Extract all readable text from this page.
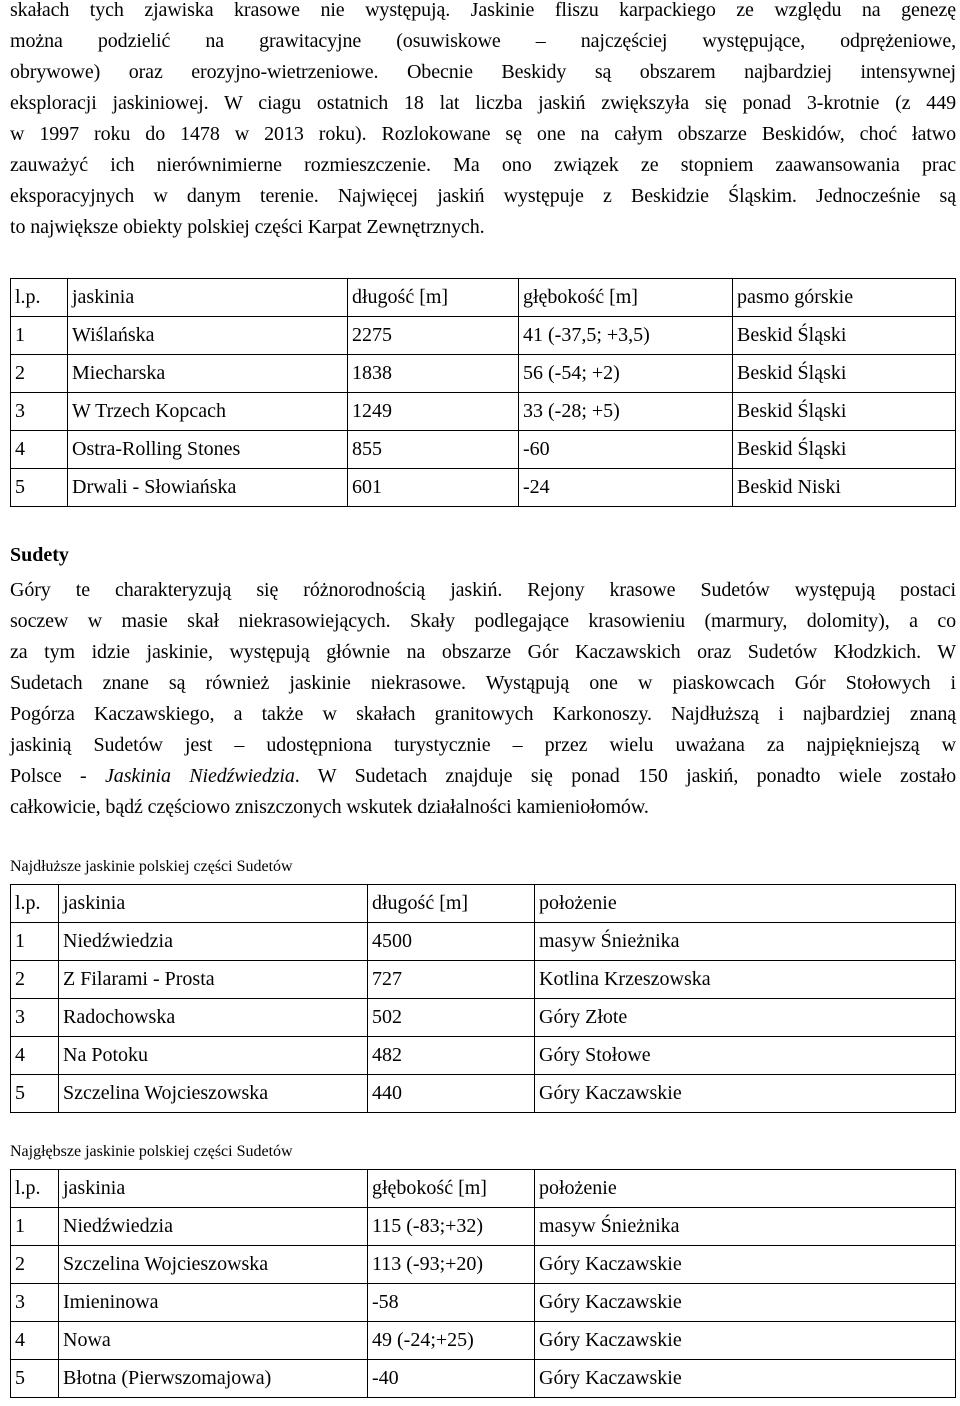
skałach tych zjawiska krasowe nie występują. Jaskinie fliszu karpackiego ze względu na genezę
można podzielić na grawitacyjne (osuwiskowe – najczęściej występujące, odprężeniowe,
obrywowe) oraz erozyjno-wietrzeniowe. Obecnie Beskidy są obszarem najbardziej intensywnej
eksploracji jaskiniowej. W ciagu ostatnich 18 lat liczba jaskiń zwiększyła się ponad 3-krotnie (z 449
w 1997 roku do 1478 w 2013 roku). Rozlokowane sę one na całym obszarze Beskidów, choć łatwo
zauważyć ich nierównimierne rozmieszczenie. Ma ono związek ze stopniem zaawansowania prac
eksporacyjnych w danym terenie. Najwięcej jaskiń występuje z Beskidzie Śląskim. Jednocześnie są
to największe obiekty polskiej części Karpat Zewnętrznych.

l.p.	jaskinia	długość [m]	głębokość [m]	pasmo górskie
1	Wiślańska	2275	41 (-37,5; +3,5)	Beskid Śląski
2	Miecharska	1838	56 (-54; +2)	Beskid Śląski
3	W Trzech Kopcach	1249	33 (-28; +5)	Beskid Śląski
4	Ostra-Rolling Stones	855	-60	Beskid Śląski
5	Drwali - Słowiańska	601	-24	Beskid Niski
Sudety

Góry te charakteryzują się różnorodnością jaskiń. Rejony krasowe Sudetów występują postaci
soczew w masie skał niekrasowiejących. Skały podlegające krasowieniu (marmury, dolomity), a co
za tym idzie jaskinie, występują głównie na obszarze Gór Kaczawskich oraz Sudetów Kłodzkich. W
Sudetach znane są również jaskinie niekrasowe. Wystąpują one w piaskowcach Gór Stołowych i
Pogórza Kaczawskiego, a także w skałach granitowych Karkonoszy. Najdłuższą i najbardziej znaną
jaskinią Sudetów jest – udostępniona turystycznie – przez wielu uważana za najpiękniejszą w
Polsce - Jaskinia Niedźwiedzia. W Sudetach znajduje się ponad 150 jaskiń, ponadto wiele zostało
całkowicie, bądź częściowo zniszczonych wskutek działalności kamieniołomów.

Najdłuższe jaskinie polskiej części Sudetów
l.p.	jaskinia	długość [m]	położenie
1	Niedźwiedzia	4500	masyw Śnieżnika
2	Z Filarami - Prosta	727	Kotlina Krzeszowska
3	Radochowska	502	Góry Złote
4	Na Potoku	482	Góry Stołowe
5	Szczelina Wojcieszowska	440	Góry Kaczawskie
Najgłębsze jaskinie polskiej części Sudetów
l.p.	jaskinia	głębokość [m]	położenie
1	Niedźwiedzia	115 (-83;+32)	masyw Śnieżnika
2	Szczelina Wojcieszowska	113 (-93;+20)	Góry Kaczawskie
3	Imieninowa	-58	Góry Kaczawskie
4	Nowa	49 (-24;+25)	Góry Kaczawskie
5	Błotna (Pierwszomajowa)	-40	Góry Kaczawskie
